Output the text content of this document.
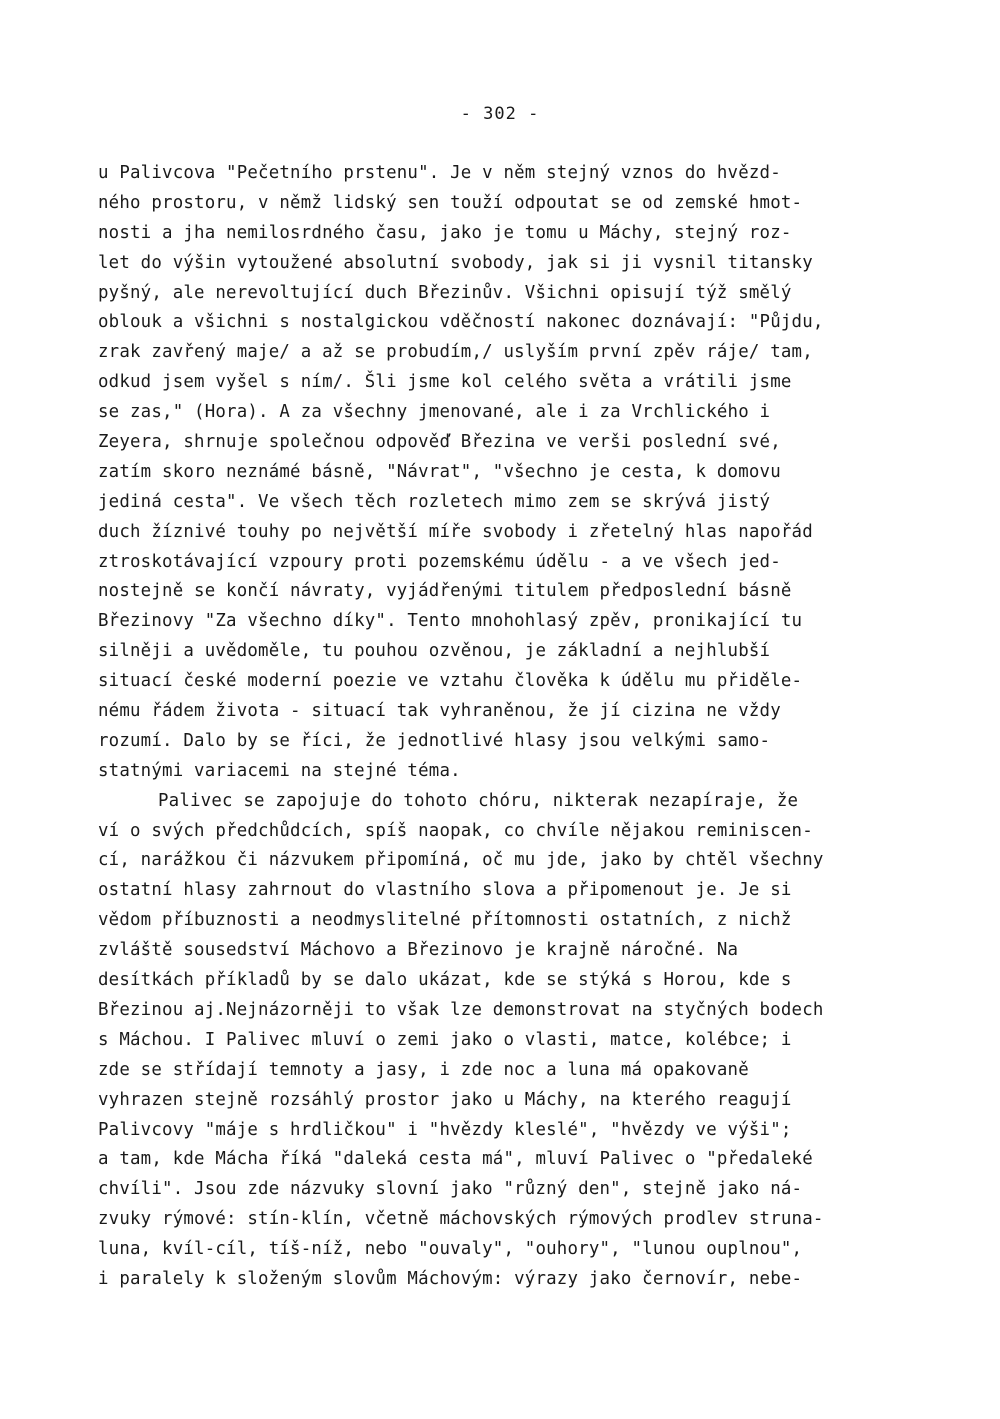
- 302 -
u Palivcova "Pečetního prstenu". Je v něm stejný vznos do hvězd-
ného prostoru, v němž lidský sen touží odpoutat se od zemské hmot-
nosti a jha nemilosrdného času, jako je tomu u Máchy, stejný roz-
let do výšin vytoužené absolutní svobody, jak si ji vysnil titansky
pyšný, ale nerevoltující duch Březinův. Všichni opisují týž smělý
oblouk a všichni s nostalgickou vděčností nakonec doznávají: "Půjdu,
zrak zavřený maje/ a až se probudím,/ uslyším první zpěv ráje/ tam,
odkud jsem vyšel s ním/. Šli jsme kol celého světa a vrátili jsme
se zas," (Hora). A za všechny jmenované, ale i za Vrchlického i
Zeyera, shrnuje společnou odpověď Březina ve verši poslední své,
zatím skoro neznámé básně, "Návrat", "všechno je cesta, k domovu
jediná cesta". Ve všech těch rozletech mimo zem se skrývá jistý
duch žíznivé touhy po největší míře svobody i zřetelný hlas napořád
ztroskotávající vzpoury proti pozemskému údělu - a ve všech jed-
nostejně se končí návraty, vyjádřenými titulem předposlední básně
Březinovy "Za všechno díky". Tento mnohohlasý zpěv, pronikající tu
silněji a uvědoměle, tu pouhou ozvěnou, je základní a nejhlubší
situací české moderní poezie ve vztahu člověka k údělu mu přidělе-
nému řádem života - situací tak vyhraněnou, že jí cizina ne vždy
rozumí. Dalo by se říci, že jednotlivé hlasy jsou velkými samo-
statnými variacemi na stejné téma.
Palivec se zapojuje do tohoto chóru, nikterak nezapíraje, že
ví o svých předchůdcích, spíš naopak, co chvíle nějakou reminiscen-
cí, narážkou či názvukem připomíná, oč mu jde, jako by chtěl všechny
ostatní hlasy zahrnout do vlastního slova a připomenout je. Je si
vědom příbuznosti a neodmyslitelné přítomnosti ostatních, z nichž
zvláště sousedství Máchovo a Březinovo je krajně náročné. Na
desítkách příkladů by se dalo ukázat, kde se stýká s Horou, kde s
Březinou aj.Nejnázorněji to však lze demonstrovat na styčných bodech
s Máchou. I Palivec mluví o zemi jako o vlasti, matce, kolébce; i
zde se střídají temnoty a jasy, i zde noc a luna má opakovaně
vyhrazen stejně rozsáhlý prostor jako u Máchy, na kterého reagují
Palivcovy "máje s hrdličkou" i "hvězdy kleslé", "hvězdy ve výši";
a tam, kde Mácha říká "daleká cesta má", mluví Palivec o "předaleké
chvíli". Jsou zde názvuky slovní jako "různý den", stejně jako ná-
zvuky rýmové: stín-klín, včetně máchovských rýmových prodlev struna-
luna, kvíl-cíl, tíš-níž, nebo "ouvaly", "ouhory", "lunou ouplnou",
i paralely k složeným slovům Máchovým: výrazy jako černovír, nebe-
